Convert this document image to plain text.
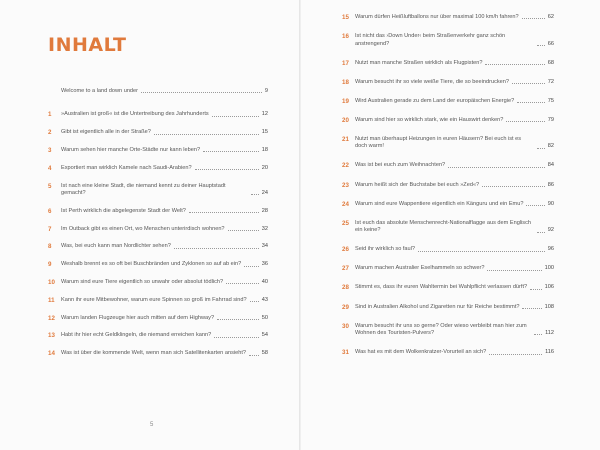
INHALT
Welcome to a land down under	9
1	»Australien ist groß« ist die Untertreibung des Jahrhunderts	12
2	Gibt ist eigentlich alle in der Straße?	15
3	Warum sehen hier manche Orte-Städte nur kann leben?	18
4	Exportiert man wirklich Kamele nach Saudi-Arabien?	20
5	Ist nach eine kleine Stadt, die niemand kennt zu deiner Hauptstadt gemacht?	24
6	Ist Perth wirklich die abgelegenste Stadt der Welt?	28
7	Im Outback gibt es einen Ort, wo Menschen unterirdisch wohnen?	32
8	Was, bei euch kann man Nordlichter sehen?	34
9	Weshalb brennt es so oft bei Buschbränden und Zyklonen so auf ab ein?	36
10	Warum sind eure Tiere eigentlich so unwahr oder absolut tödlich?	40
11	Kann ihr eure Mitbewohner, warum eure Spinnen so groß im Fahrrad sind?	43
12	Warum landen Flugzeuge hier auch mitten auf dem Highway?	50
13	Habt ihr hier echt Geldklingeln, die niemand erreichen kann?	54
14	Was ist über die kommende Welt, wenn man sich Satellitenkarten ansieht?	58
5
15	Warum dürfen Heißluftballons nur über maximal 100 km/h fahren?	62
16	Ist nicht das ›Down Under‹ beim Straßenverkehr ganz schön anstrengend?	66
17	Nutzt man manche Straßen wirklich als Flugpisten?	68
18	Warum besucht ihr so viele weiße Tiere, die so beeindrucken?	72
19	Wird Australien gerade zu dem Land der europäischen Energie?	75
20	Warum sind hier so wirklich stark, wie ein Hauswirt denken?	79
21	Nutzt man überhaupt Heizungen in euren Häusern? Bei euch ist es doch warm!	82
22	Was ist bei euch zum Weihnachten?	84
23	Warum heißt sich der Buchstabe bei euch »Zed«?	86
24	Warum sind eure Wappentiere eigentlich ein Känguru und ein Emu?	90
25	Ist euch das absolute Menschenrecht-Nationalflagge aus dem Englisch ein keine?	92
26	Seid ihr wirklich so faul?	96
27	Warum machen Australier Eselhammeln so schwer?	100
28	Stimmt es, dass ihr euren Wahltermin bei Wahlpflicht verlassen dürft?	106
29	Sind in Australien Alkohol und Zigaretten nur für Reiche bestimmt?	108
30	Warum besucht ihr uns so gerne? Oder wieso verbleibt man hier zum Wohnen des Touristen-Pulvers?	112
31	Was hat es mit dem Wolkenkratzer-Vorurteil an sich?	116
